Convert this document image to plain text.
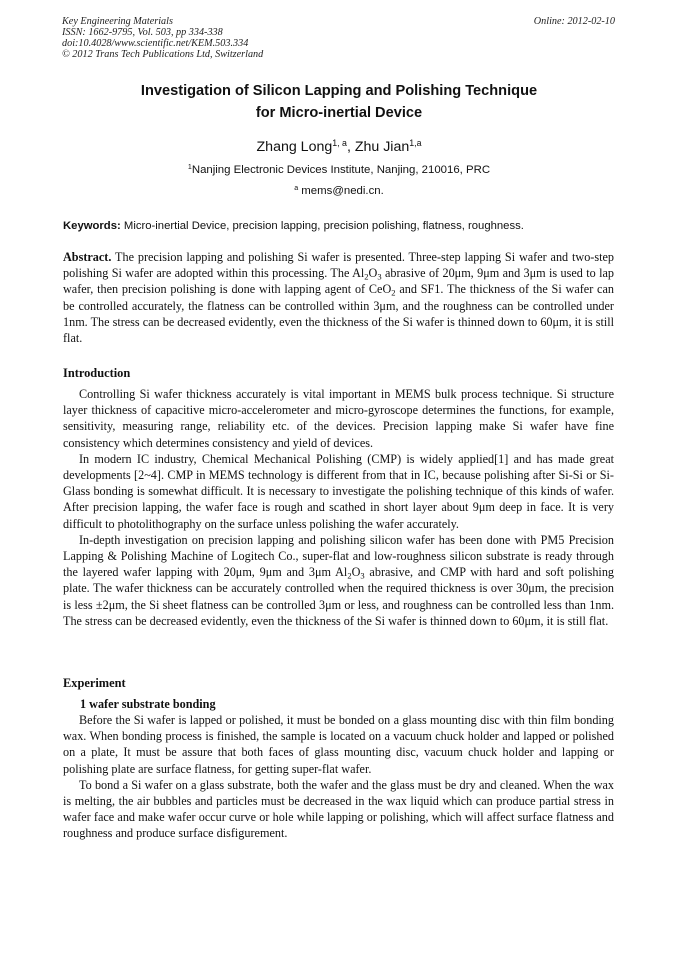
Key Engineering Materials
ISSN: 1662-9795, Vol. 503, pp 334-338
doi:10.4028/www.scientific.net/KEM.503.334
© 2012 Trans Tech Publications Ltd, Switzerland
Online: 2012-02-10
Investigation of Silicon Lapping and Polishing Technique
for Micro-inertial Device
Zhang Long$^{1, a}$, Zhu Jian$^{1,a}$
$^1$Nanjing Electronic Devices Institute, Nanjing, 210016, PRC
$^a$ mems@nedi.cn.
Keywords: Micro-inertial Device, precision lapping, precision polishing, flatness, roughness.
Abstract. The precision lapping and polishing Si wafer is presented. Three-step lapping Si wafer and two-step polishing Si wafer are adopted within this processing. The $Al_2O_3$ abrasive of 20μm, 9μm and 3μm is used to lap wafer, then precision polishing is done with lapping agent of CeO$_2$ and SF1. The thickness of the Si wafer can be controlled accurately, the flatness can be controlled within 3μm, and the roughness can be controlled under 1nm. The stress can be decreased evidently, even the thickness of the Si wafer is thinned down to 60μm, it is still flat.
Introduction

Controlling Si wafer thickness accurately is vital important in MEMS bulk process technique. Si structure layer thickness of capacitive micro-accelerometer and micro-gyroscope determines the functions, for example, sensitivity, measuring range, reliability etc. of the devices. Precision lapping make Si wafer have fine consistency which determines consistency and yield of devices.

In modern IC industry, Chemical Mechanical Polishing (CMP) is widely applied[1] and has made great developments [2~4]. CMP in MEMS technology is different from that in IC, because polishing after Si-Si or Si-Glass bonding is somewhat difficult. It is necessary to investigate the polishing technique of this kinds of wafer. After precision lapping, the wafer face is rough and scathed in short layer about 9μm deep in face. It is very difficult to photolithography on the surface unless polishing the wafer accurately.

In-depth investigation on precision lapping and polishing silicon wafer has been done with PM5 Precision Lapping & Polishing Machine of Logitech Co., super-flat and low-roughness silicon substrate is ready through the layered wafer lapping with 20μm, 9μm and 3μm $Al_2O_3$ abrasive, and CMP with hard and soft polishing plate. The wafer thickness can be accurately controlled when the required thickness is over 30μm, the precision is less ±2μm, the Si sheet flatness can be controlled 3μm or less, and roughness can be controlled less than 1nm. The stress can be decreased evidently, even the thickness of the Si wafer is thinned down to 60μm, it is still flat.

Experiment
1 wafer substrate bonding

Before the Si wafer is lapped or polished, it must be bonded on a glass mounting disc with thin film bonding wax. When bonding process is finished, the sample is located on a vacuum chuck holder and lapped or polished on a plate, It must be assure that both faces of glass mounting disc, vacuum chuck holder and lapping or polishing plate are surface flatness, for getting super-flat wafer.

To bond a Si wafer on a glass substrate, both the wafer and the glass must be dry and cleaned. When the wax is melting, the air bubbles and particles must be decreased in the wax liquid which can produce partial stress in wafer face and make wafer occur curve or hole while lapping or polishing, which will affect surface flatness and roughness and produce surface disfigurement.
